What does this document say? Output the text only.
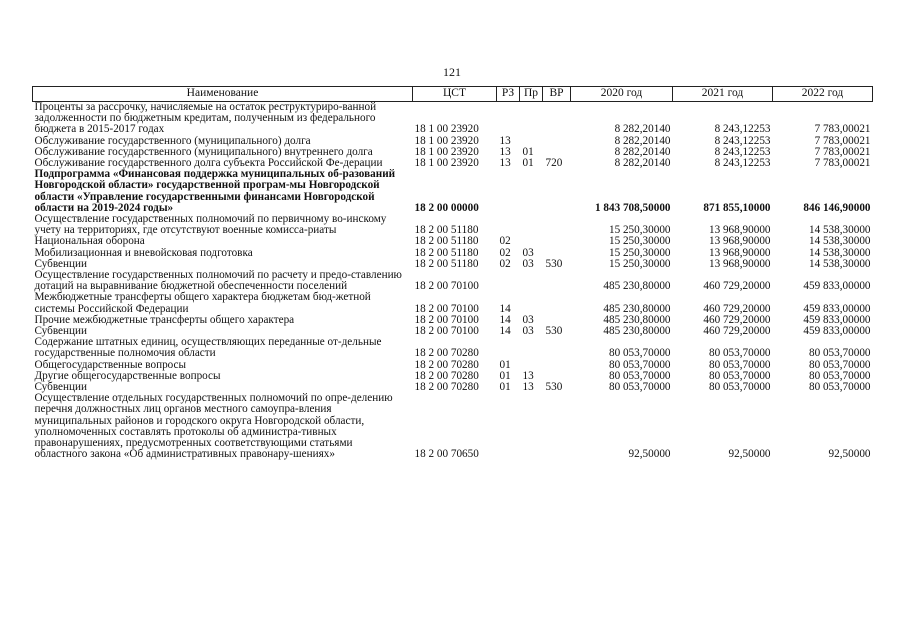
121
Наименование	ЦСТ	РЗ	Пр	ВР	2020 год	2021 год	2022 год
Проценты за рассрочку, начисляемые на остаток реструктуриро-ванной задолженности по бюджетным кредитам, полученным из федерального бюджета в 2015-2017 годах	18 1 00 23920				8 282,20140	8 243,12253	7 783,00021
Обслуживание государственного (муниципального) долга	18 1 00 23920	13			8 282,20140	8 243,12253	7 783,00021
Обслуживание государственного (муниципального) внутреннего долга	18 1 00 23920	13	01		8 282,20140	8 243,12253	7 783,00021
Обслуживание государственного долга субъекта Российской Фе-дерации	18 1 00 23920	13	01	720	8 282,20140	8 243,12253	7 783,00021
Подпрограмма «Финансовая поддержка муниципальных об-разований Новгородской области» государственной програм-мы Новгородской области «Управление государственными финансами Новгородской области на 2019-2024 годы»	18 2 00 00000				1 843 708,50000	871 855,10000	846 146,90000
Осуществление государственных полномочий по первичному во-инскому учету на территориях, где отсутствуют военные комисса-риаты	18 2 00 51180				15 250,30000	13 968,90000	14 538,30000
Национальная оборона	18 2 00 51180	02			15 250,30000	13 968,90000	14 538,30000
Мобилизационная и вневойсковая подготовка	18 2 00 51180	02	03		15 250,30000	13 968,90000	14 538,30000
Субвенции	18 2 00 51180	02	03	530	15 250,30000	13 968,90000	14 538,30000
Осуществление государственных полномочий по расчету и предо-ставлению дотаций на выравнивание бюджетной обеспеченности поселений	18 2 00 70100				485 230,80000	460 729,20000	459 833,00000
Межбюджетные трансферты общего характера бюджетам бюд-жетной системы Российской Федерации	18 2 00 70100	14			485 230,80000	460 729,20000	459 833,00000
Прочие межбюджетные трансферты общего характера	18 2 00 70100	14	03		485 230,80000	460 729,20000	459 833,00000
Субвенции	18 2 00 70100	14	03	530	485 230,80000	460 729,20000	459 833,00000
Содержание штатных единиц, осуществляющих переданные от-дельные государственные полномочия области	18 2 00 70280				80 053,70000	80 053,70000	80 053,70000
Общегосударственные вопросы	18 2 00 70280	01			80 053,70000	80 053,70000	80 053,70000
Другие общегосударственные вопросы	18 2 00 70280	01	13		80 053,70000	80 053,70000	80 053,70000
Субвенции	18 2 00 70280	01	13	530	80 053,70000	80 053,70000	80 053,70000
Осуществление отдельных государственных полномочий по опре-делению перечня должностных лиц органов местного самоупра-вления муниципальных районов и городского округа Новгородской области, уполномоченных составлять протоколы об администра-тивных правонарушениях, предусмотренных соответствующими статьями областного закона «Об административных правонару-шениях»	18 2 00 70650				92,50000	92,50000	92,50000
